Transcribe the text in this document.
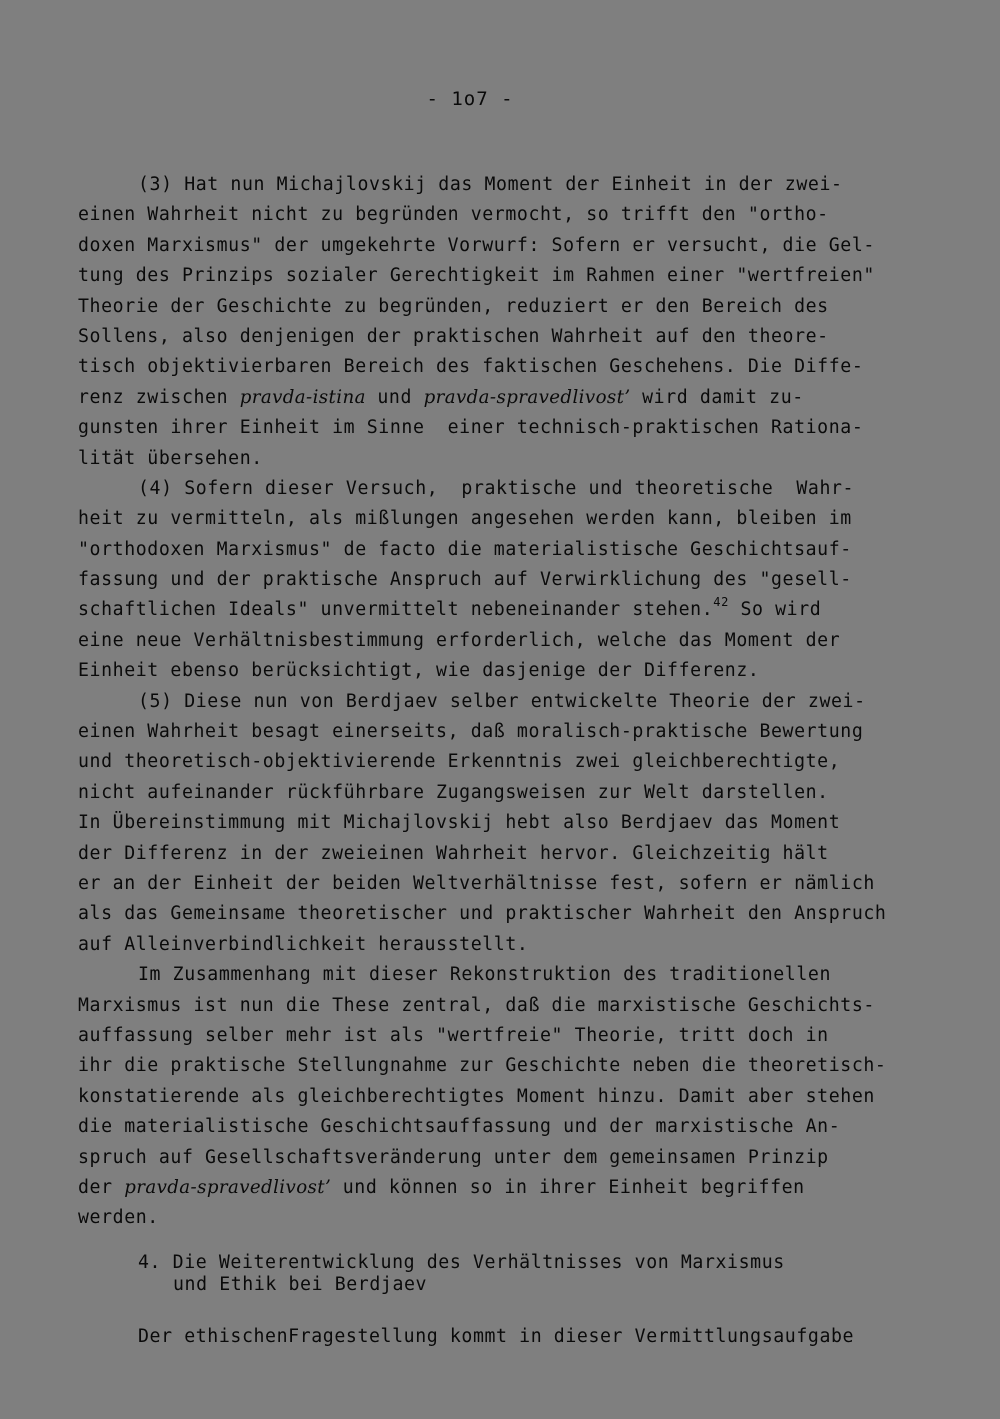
- 1o7 -
(3) Hat nun Michajlovskij das Moment der Einheit in der zwei-
einen Wahrheit nicht zu begründen vermocht, so trifft den "ortho-
doxen Marxismus" der umgekehrte Vorwurf: Sofern er versucht, die Gel-
tung des Prinzips sozialer Gerechtigkeit im Rahmen einer "wertfreien"
Theorie der Geschichte zu begründen, reduziert er den Bereich des
Sollens, also denjenigen der praktischen Wahrheit auf den theore-
tisch objektivierbaren Bereich des faktischen Geschehens. Die Diffe-
renz zwischen pravda-istina und pravda-spravedlivost’ wird damit zu-
gunsten ihrer Einheit im Sinne  einer technisch-praktischen Rationa-
lität übersehen.
(4) Sofern dieser Versuch,  praktische und theoretische  Wahr-
heit zu vermitteln, als mißlungen angesehen werden kann, bleiben im
"orthodoxen Marxismus" de facto die materialistische Geschichtsauf-
fassung und der praktische Anspruch auf Verwirklichung des "gesell-
schaftlichen Ideals" unvermittelt nebeneinander stehen.$^{42}$ So wird
eine neue Verhältnisbestimmung erforderlich, welche das Moment der
Einheit ebenso berücksichtigt, wie dasjenige der Differenz.
(5) Diese nun von Berdjaev selber entwickelte Theorie der zwei-
einen Wahrheit besagt einerseits, daß moralisch-praktische Bewertung
und theoretisch-objektivierende Erkenntnis zwei gleichberechtigte,
nicht aufeinander rückführbare Zugangsweisen zur Welt darstellen.
In Übereinstimmung mit Michajlovskij hebt also Berdjaev das Moment
der Differenz in der zweieinen Wahrheit hervor. Gleichzeitig hält
er an der Einheit der beiden Weltverhältnisse fest, sofern er nämlich
als das Gemeinsame theoretischer und praktischer Wahrheit den Anspruch
auf Alleinverbindlichkeit herausstellt.
Im Zusammenhang mit dieser Rekonstruktion des traditionellen
Marxismus ist nun die These zentral, daß die marxistische Geschichts-
auffassung selber mehr ist als "wertfreie" Theorie, tritt doch in
ihr die praktische Stellungnahme zur Geschichte neben die theoretisch-
konstatierende als gleichberechtigtes Moment hinzu. Damit aber stehen
die materialistische Geschichtsauffassung und der marxistische An-
spruch auf Gesellschaftsveränderung unter dem gemeinsamen Prinzip
der pravda-spravedlivost’ und können so in ihrer Einheit begriffen
werden.
4. Die Weiterentwicklung des Verhältnisses von Marxismus
und Ethik bei Berdjaev
Der ethischenFragestellung kommt in dieser Vermittlungsaufgabe
